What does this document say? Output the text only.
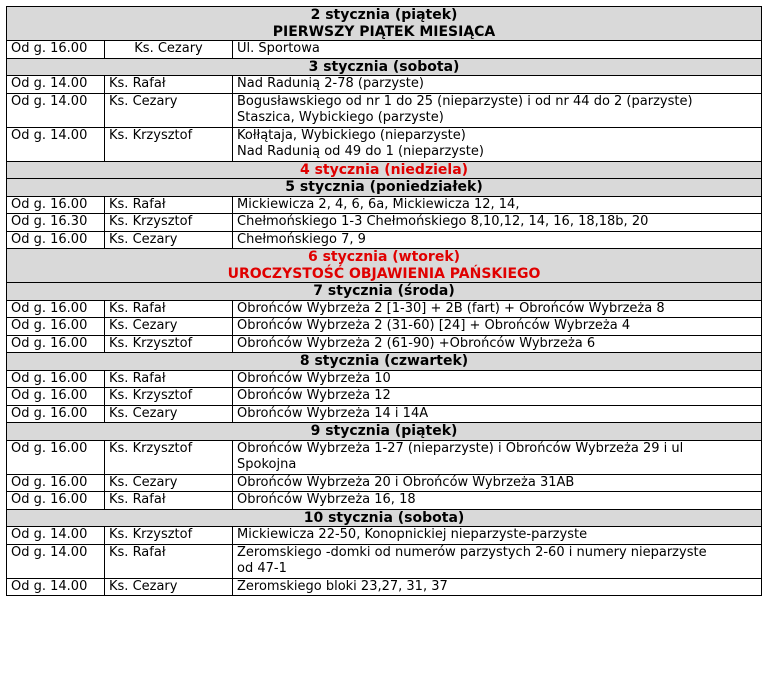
2 stycznia (piątek)
PIERWSZY PIĄTEK MIESIĄCA		

Od g. 16.00	Ks. Cezary	Ul. Sportowa

3 stycznia (sobota)		

Od g. 14.00	Ks. Rafał	Nad Radunią 2-78 (parzyste)

Od g. 14.00	Ks. Cezary	Bogusławskiego od nr 1 do 25 (nieparzyste) i od nr 44 do 2 (parzyste)
Staszica, Wybickiego (parzyste)

Od g. 14.00	Ks. Krzysztof	Kołłątaja, Wybickiego (nieparzyste)
Nad Radunią od 49 do 1 (nieparzyste)

4 stycznia (niedziela)		

5 stycznia (poniedziałek)		

Od g. 16.00	Ks. Rafał	Mickiewicza 2, 4, 6, 6a, Mickiewicza 12, 14,

Od g. 16.30	Ks. Krzysztof	Chełmońskiego 1-3 Chełmońskiego 8,10,12, 14, 16, 18,18b, 20

Od g. 16.00	Ks. Cezary	Chełmońskiego 7, 9

6 stycznia (wtorek)
UROCZYSTOŚĆ OBJAWIENIA PAŃSKIEGO		

7 stycznia (środa)		

Od g. 16.00	Ks. Rafał	Obrońców Wybrzeża 2 [1-30] + 2B (fart) + Obrońców Wybrzeża 8

Od g. 16.00	Ks. Cezary	Obrońców Wybrzeża 2 (31-60) [24] + Obrońców Wybrzeża 4

Od g. 16.00	Ks. Krzysztof	Obrońców Wybrzeża 2 (61-90) +Obrońców Wybrzeża 6

8 stycznia (czwartek)		

Od g. 16.00	Ks. Rafał	Obrońców Wybrzeża 10

Od g. 16.00	Ks. Krzysztof	Obrońców Wybrzeża 12

Od g. 16.00	Ks. Cezary	Obrońców Wybrzeża 14 i 14A

9 stycznia (piątek)		

Od g. 16.00	Ks. Krzysztof	Obrońców Wybrzeża 1-27 (nieparzyste) i Obrońców Wybrzeża 29 i ul
Spokojna

Od g. 16.00	Ks. Cezary	Obrońców Wybrzeża 20 i Obrońców Wybrzeża 31AB

Od g. 16.00	Ks. Rafał	Obrońców Wybrzeża 16, 18

10 stycznia (sobota)		

Od g. 14.00	Ks. Krzysztof	Mickiewicza 22-50, Konopnickiej nieparzyste-parzyste

Od g. 14.00	Ks. Rafał	Żeromskiego -domki od numerów parzystych 2-60 i numery nieparzyste
od 47-1

Od g. 14.00	Ks. Cezary	Żeromskiego bloki 23,27, 31, 37
